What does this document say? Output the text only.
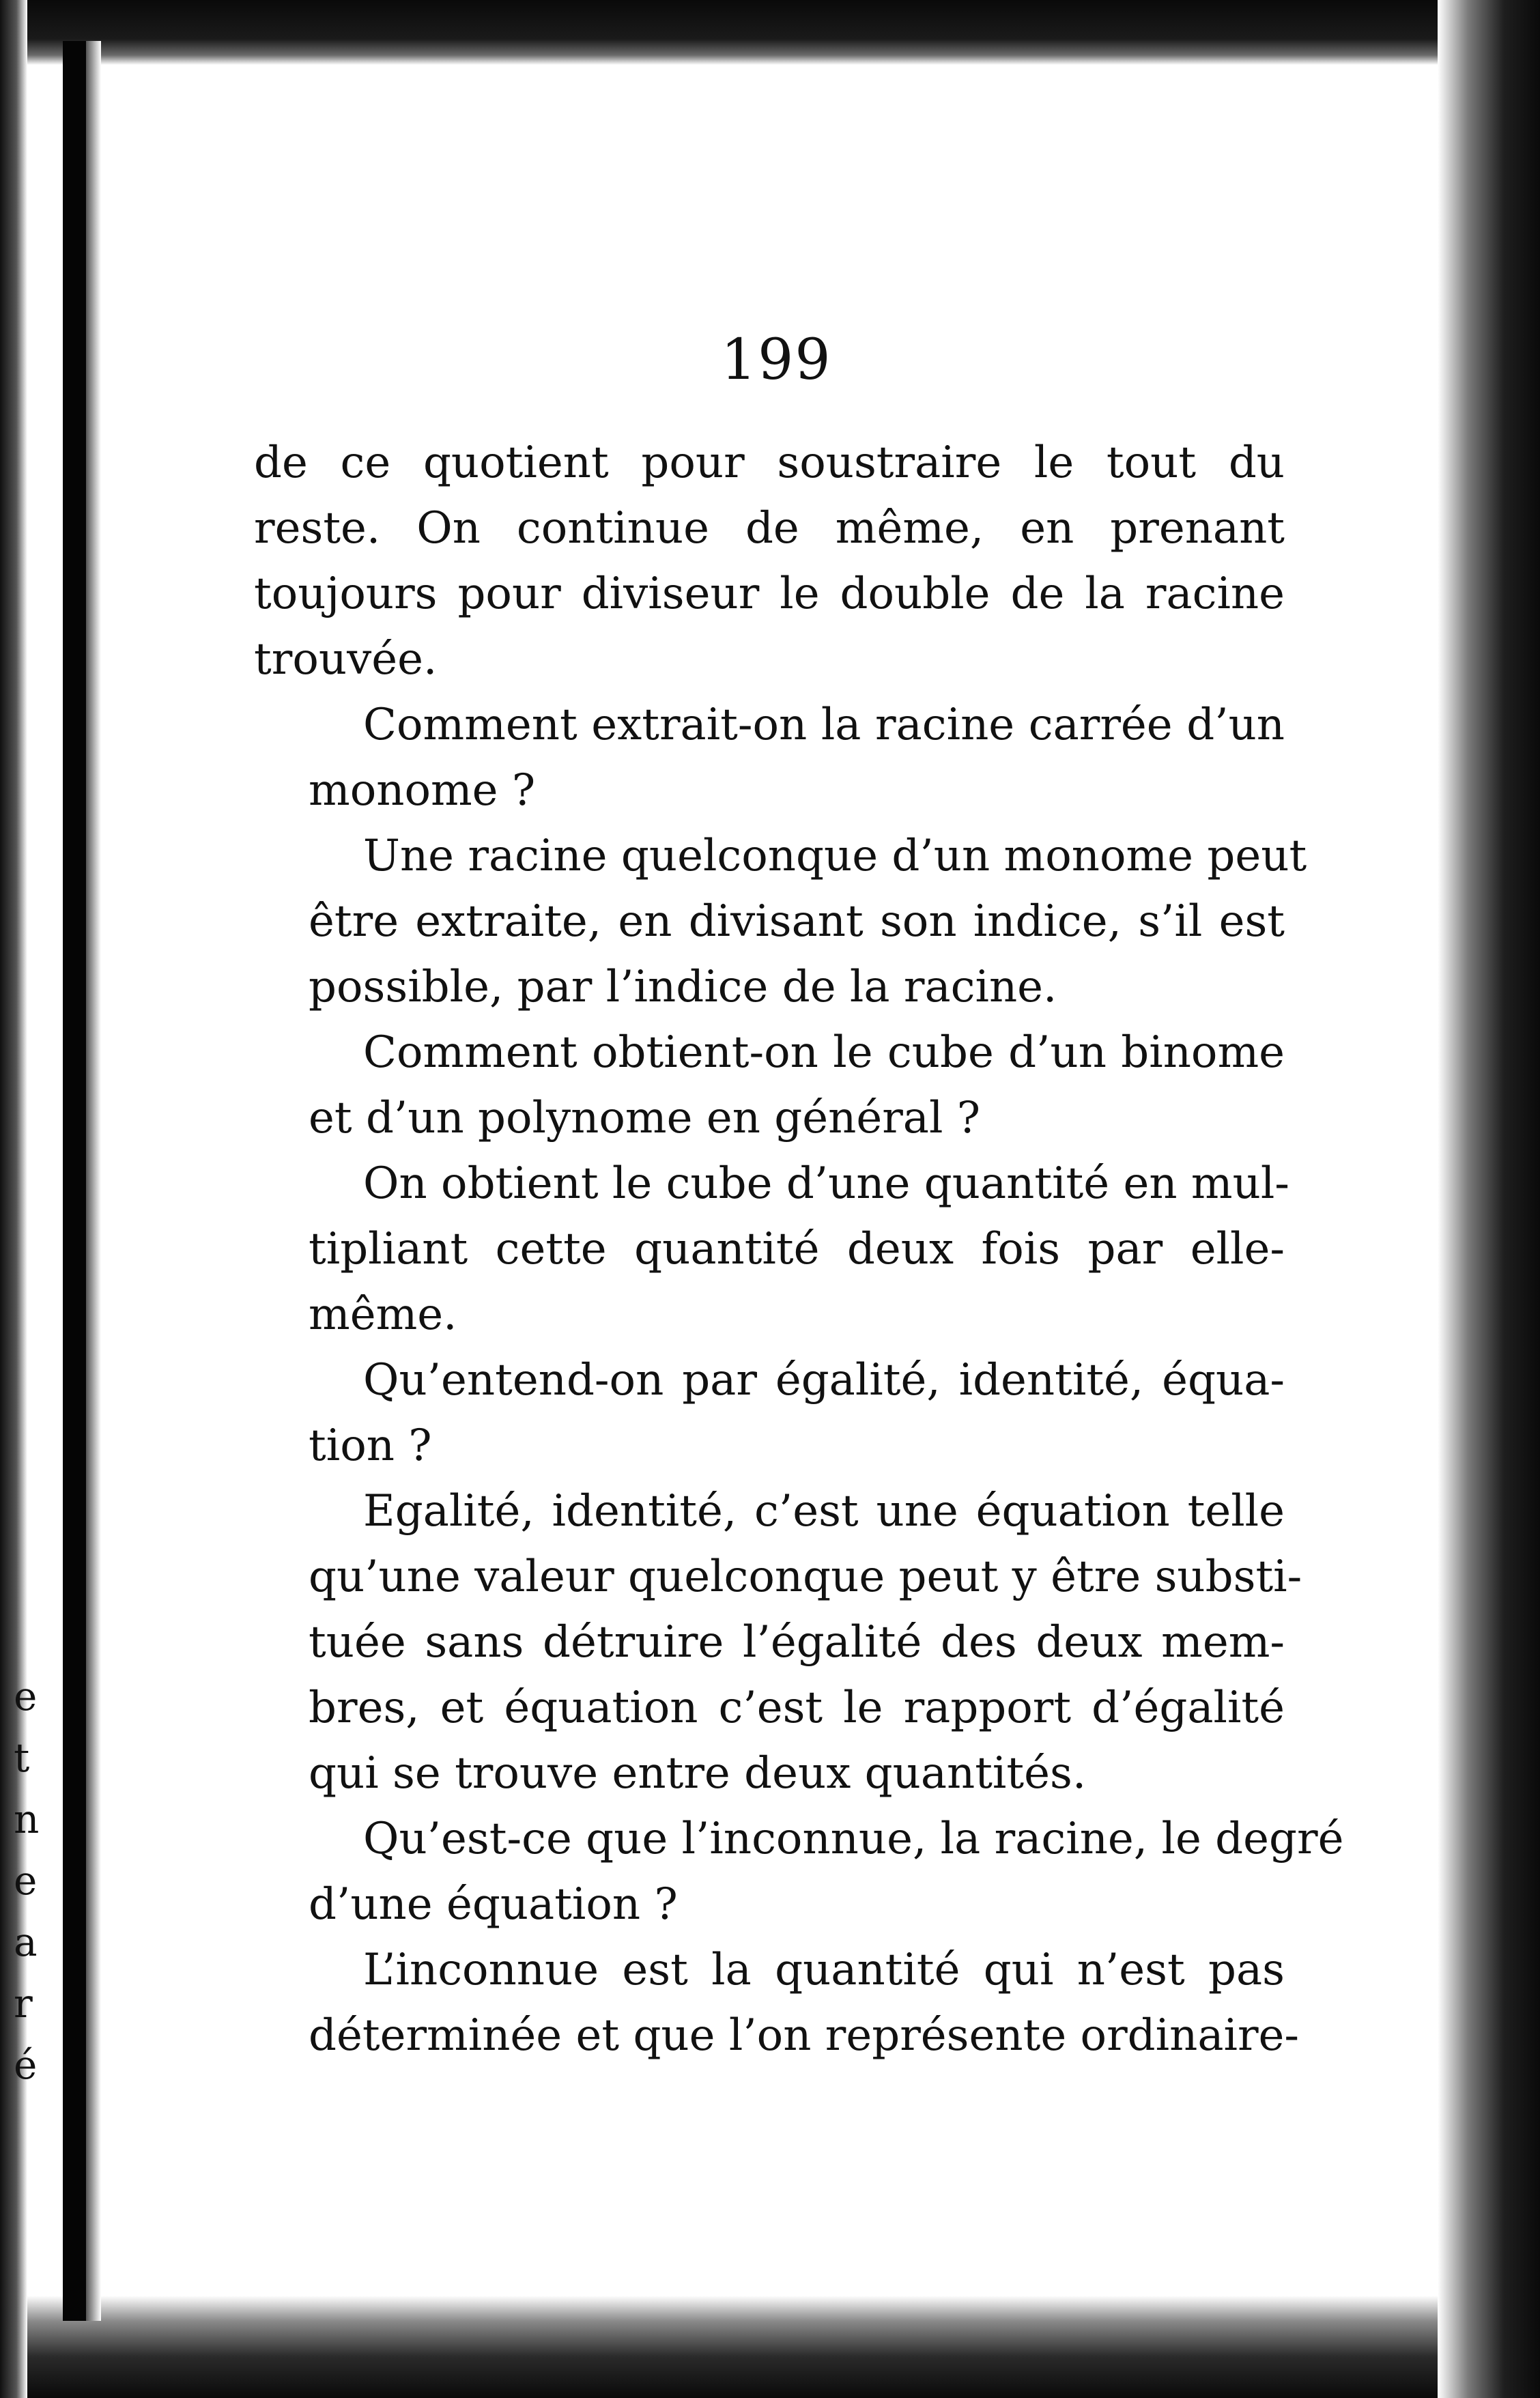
e
t
n
e
a
r
é
199

de ce quotient pour soustraire le tout du
reste. On continue de même, en prenant
toujours pour diviseur le double de la racine
trouvée.

Comment extrait-on la racine carrée d’un
monome ?

Une racine quelconque d’un monome peut
être extraite, en divisant son indice, s’il est
possible, par l’indice de la racine.

Comment obtient-on le cube d’un binome
et d’un polynome en général ?

On obtient le cube d’une quantité en mul-
tipliant cette quantité deux fois par elle-
même.

Qu’entend-on par égalité, identité, équa-
tion ?

Egalité, identité, c’est une équation telle
qu’une valeur quelconque peut y être substi-
tuée sans détruire l’égalité des deux mem-
bres, et équation c’est le rapport d’égalité
qui se trouve entre deux quantités.

Qu’est-ce que l’inconnue, la racine, le degré
d’une équation ?

L’inconnue est la quantité qui n’est pas
déterminée et que l’on représente ordinaire-
